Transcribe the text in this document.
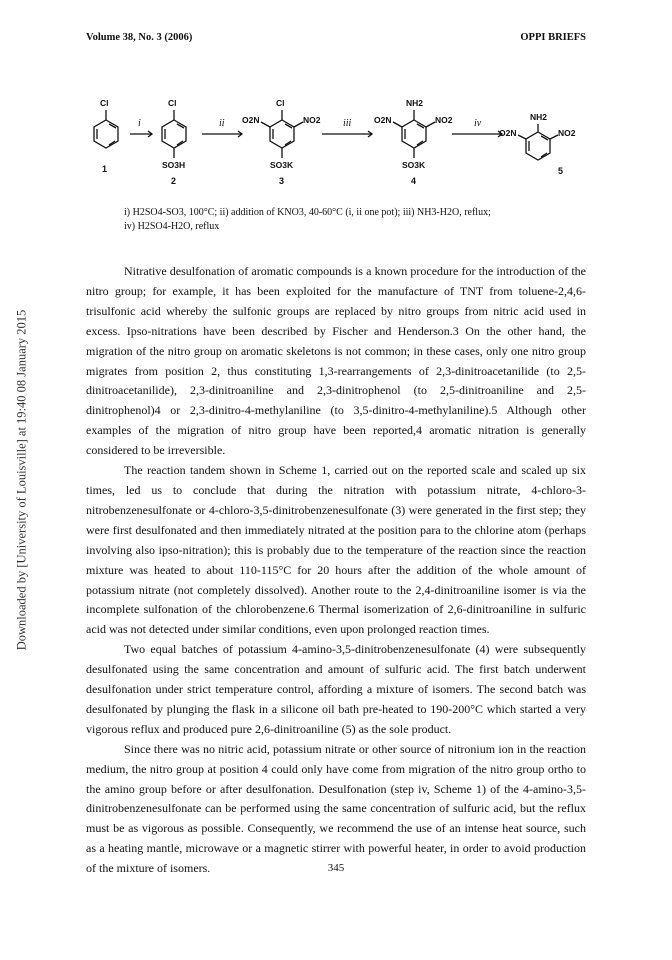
Downloaded by [University of Louisville] at 19:40 08 January 2015
Volume 38, No. 3 (2006)	OPPI BRIEFS
i	ii	iii	iv
Cl
1
Cl
SO3H
2
Cl
O2N	NO2
SO3K
3
NH2
O2N	NO2
SO3K
4
NH2
O2N	NO2
5
i) H2SO4-SO3, 100°C; ii) addition of KNO3, 40-60°C (i, ii one pot); iii) NH3-H2O, reflux;
iv) H2SO4-H2O, reflux

Nitrative desulfonation of aromatic compounds is a known procedure for the introduction of the nitro group; for example, it has been exploited for the manufacture of TNT from toluene-2,4,6-trisulfonic acid whereby the sulfonic groups are replaced by nitro groups from nitric acid used in excess. Ipso-nitrations have been described by Fischer and Henderson.3 On the other hand, the migration of the nitro group on aromatic skeletons is not common; in these cases, only one nitro group migrates from position 2, thus constituting 1,3-rearrangements of 2,3-dinitroacetanilide (to 2,5-dinitroacetanilide), 2,3-dinitroaniline and 2,3-dinitrophenol (to 2,5-dinitroaniline and 2,5-dinitrophenol)4 or 2,3-dinitro-4-methylaniline (to 3,5-dinitro-4-methylaniline).5 Although other examples of the migration of nitro group have been reported,4 aromatic nitration is generally considered to be irreversible.

The reaction tandem shown in Scheme 1, carried out on the reported scale and scaled up six times, led us to conclude that during the nitration with potassium nitrate, 4-chloro-3-nitrobenzenesulfonate or 4-chloro-3,5-dinitrobenzenesulfonate (3) were generated in the first step; they were first desulfonated and then immediately nitrated at the position para to the chlorine atom (perhaps involving also ipso-nitration); this is probably due to the temperature of the reaction since the reaction mixture was heated to about 110-115°C for 20 hours after the addition of the whole amount of potassium nitrate (not completely dissolved). Another route to the 2,4-dinitroaniline isomer is via the incomplete sulfonation of the chlorobenzene.6 Thermal isomerization of 2,6-dinitroaniline in sulfuric acid was not detected under similar conditions, even upon prolonged reaction times.

Two equal batches of potassium 4-amino-3,5-dinitrobenzenesulfonate (4) were subsequently desulfonated using the same concentration and amount of sulfuric acid. The first batch underwent desulfonation under strict temperature control, affording a mixture of isomers. The second batch was desulfonated by plunging the flask in a silicone oil bath pre-heated to 190-200°C which started a very vigorous reflux and produced pure 2,6-dinitroaniline (5) as the sole product.

Since there was no nitric acid, potassium nitrate or other source of nitronium ion in the reaction medium, the nitro group at position 4 could only have come from migration of the nitro group ortho to the amino group before or after desulfonation. Desulfonation (step iv, Scheme 1) of the 4-amino-3,5-dinitrobenzenesulfonate can be performed using the same concentration of sulfuric acid, but the reflux must be as vigorous as possible. Consequently, we recommend the use of an intense heat source, such as a heating mantle, microwave or a magnetic stirrer with powerful heater, in order to avoid production of the mixture of isomers.	345
